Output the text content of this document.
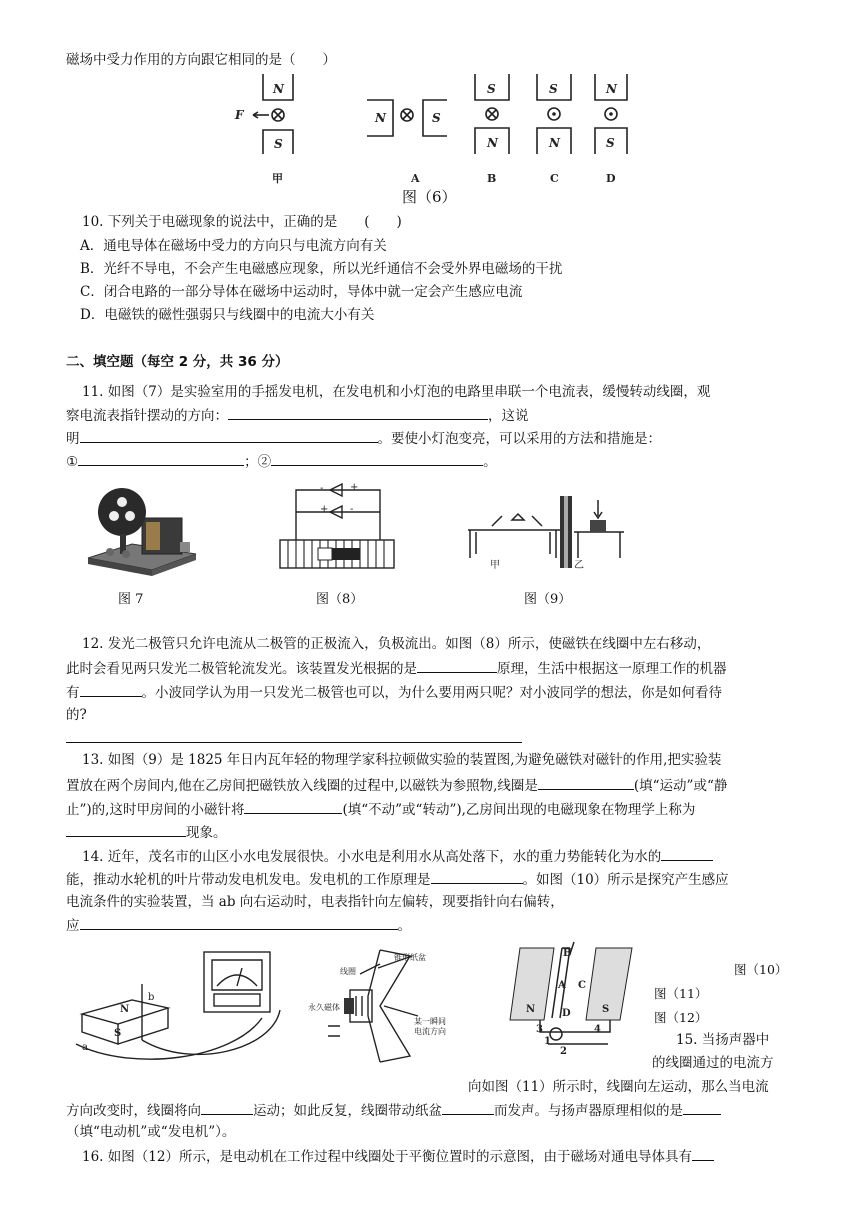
磁场中受力作用的方向跟它相同的是（　　）
N
S
F	N	S
S
N
S
N
N
S
甲	A	B	C	D
图（6）
10. 下列关于电磁现象的说法中，正确的是　　(　　)
A．通电导体在磁场中受力的方向只与电流方向有关
B．光纤不导电，不会产生电磁感应现象，所以光纤通信不会受外界电磁场的干扰
C．闭合电路的一部分导体在磁场中运动时，导体中就一定会产生感应电流
D．电磁铁的磁性强弱只与线圈中的电流大小有关
二、填空题（每空 2 分，共 36 分）
11. 如图（7）是实验室用的手摇发电机，在发电机和小灯泡的电路里串联一个电流表，缓慢转动线圈，观
察电流表指针摆动的方向：	，这说
明	。要使小灯泡变亮，可以采用的方法和措施是：
①	；②	。
图 7
-	+
+ -
图（8）
甲	乙
图（9）
12. 发光二极管只允许电流从二极管的正极流入，负极流出。如图（8）所示，使磁铁在线圈中左右移动，
此时会看见两只发光二极管轮流发光。该装置发光根据的是	原理，生活中根据这一原理工作的机器
有	。小波同学认为用一只发光二极管也可以，为什么要用两只呢？对小波同学的想法，你是如何看待
的?
13. 如图（9）是 1825 年日内瓦年轻的物理学家科拉顿做实验的装置图,为避免磁铁对磁针的作用,把实验装
置放在两个房间内,他在乙房间把磁铁放入线圈的过程中,以磁铁为参照物,线圈是	(填“运动”或“静
止”)的,这时甲房间的小磁针将	(填“不动”或“转动”),乙房间出现的电磁现象在物理学上称为
现象。
14. 近年，茂名市的山区小水电发展很快。小水电是利用水从高处落下，水的重力势能转化为水的
能，推动水轮机的叶片带动发电机发电。发电机的工作原理是	。如图（10）所示是探究产生感应
电流条件的实验装置，当 ab 向右运动时，电表指针向左偏转，现要指针向右偏转，
应	。
N
S
a
b
线圈
锥形纸盆
永久磁体
某一瞬间
电流方向
B
A C
D
N	S
3	4
1
2
图（10）
图（11）
图（12）
15. 当扬声器中
的线圈通过的电流方
向如图（11）所示时，线圈向左运动，那么当电流
方向改变时，线圈将向	运动；如此反复，线圈带动纸盆	而发声。与扬声器原理相似的是
（填“电动机”或“发电机”）。
16. 如图（12）所示，是电动机在工作过程中线圈处于平衡位置时的示意图，由于磁场对通电导体具有
